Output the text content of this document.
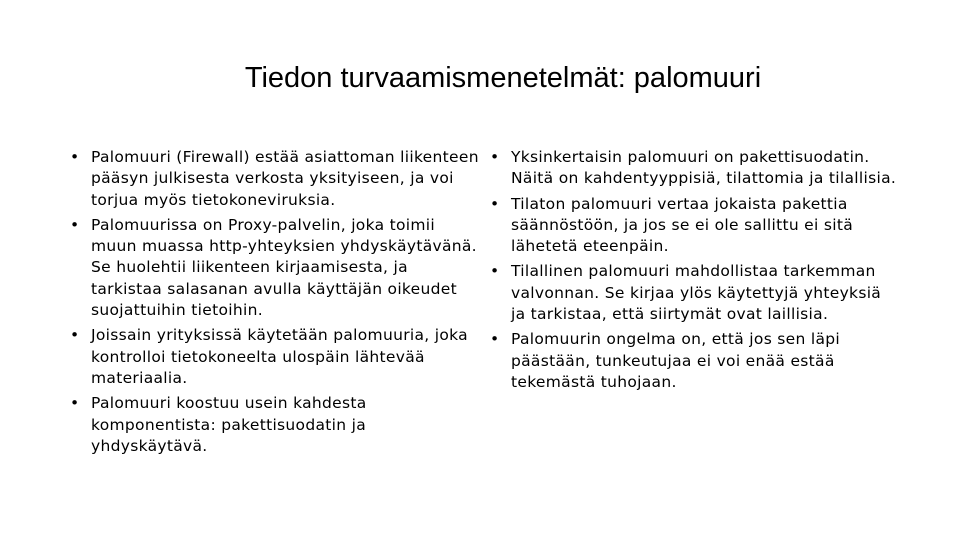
Tiedon turvaamismenetelmät: palomuuri
• Palomuuri (Firewall) estää asiattoman liikenteen pääsyn julkisesta verkosta yksityiseen, ja voi torjua myös tietokoneviruksia.
• Palomuurissa on Proxy-palvelin, joka toimii muun muassa http-yhteyksien yhdyskäytävänä. Se huolehtii liikenteen kirjaamisesta, ja tarkistaa salasanan avulla käyttäjän oikeudet suojattuihin tietoihin.
• Joissain yrityksissä käytetään palomuuria, joka kontrolloi tietokoneelta ulospäin lähtevää materiaalia.
• Palomuuri koostuu usein kahdesta komponentista: pakettisuodatin ja yhdyskäytävä.
• Yksinkertaisin palomuuri on pakettisuodatin. Näitä on kahdentyyppisiä, tilattomia ja tilallisia.
• Tilaton palomuuri vertaa jokaista pakettia säännöstöön, ja jos se ei ole sallittu ei sitä lähetetä eteenpäin.
• Tilallinen palomuuri mahdollistaa tarkemman valvonnan. Se kirjaa ylös käytettyjä yhteyksiä ja tarkistaa, että siirtymät ovat laillisia.
• Palomuurin ongelma on, että jos sen läpi päästään, tunkeutujaa ei voi enää estää tekemästä tuhojaan.
